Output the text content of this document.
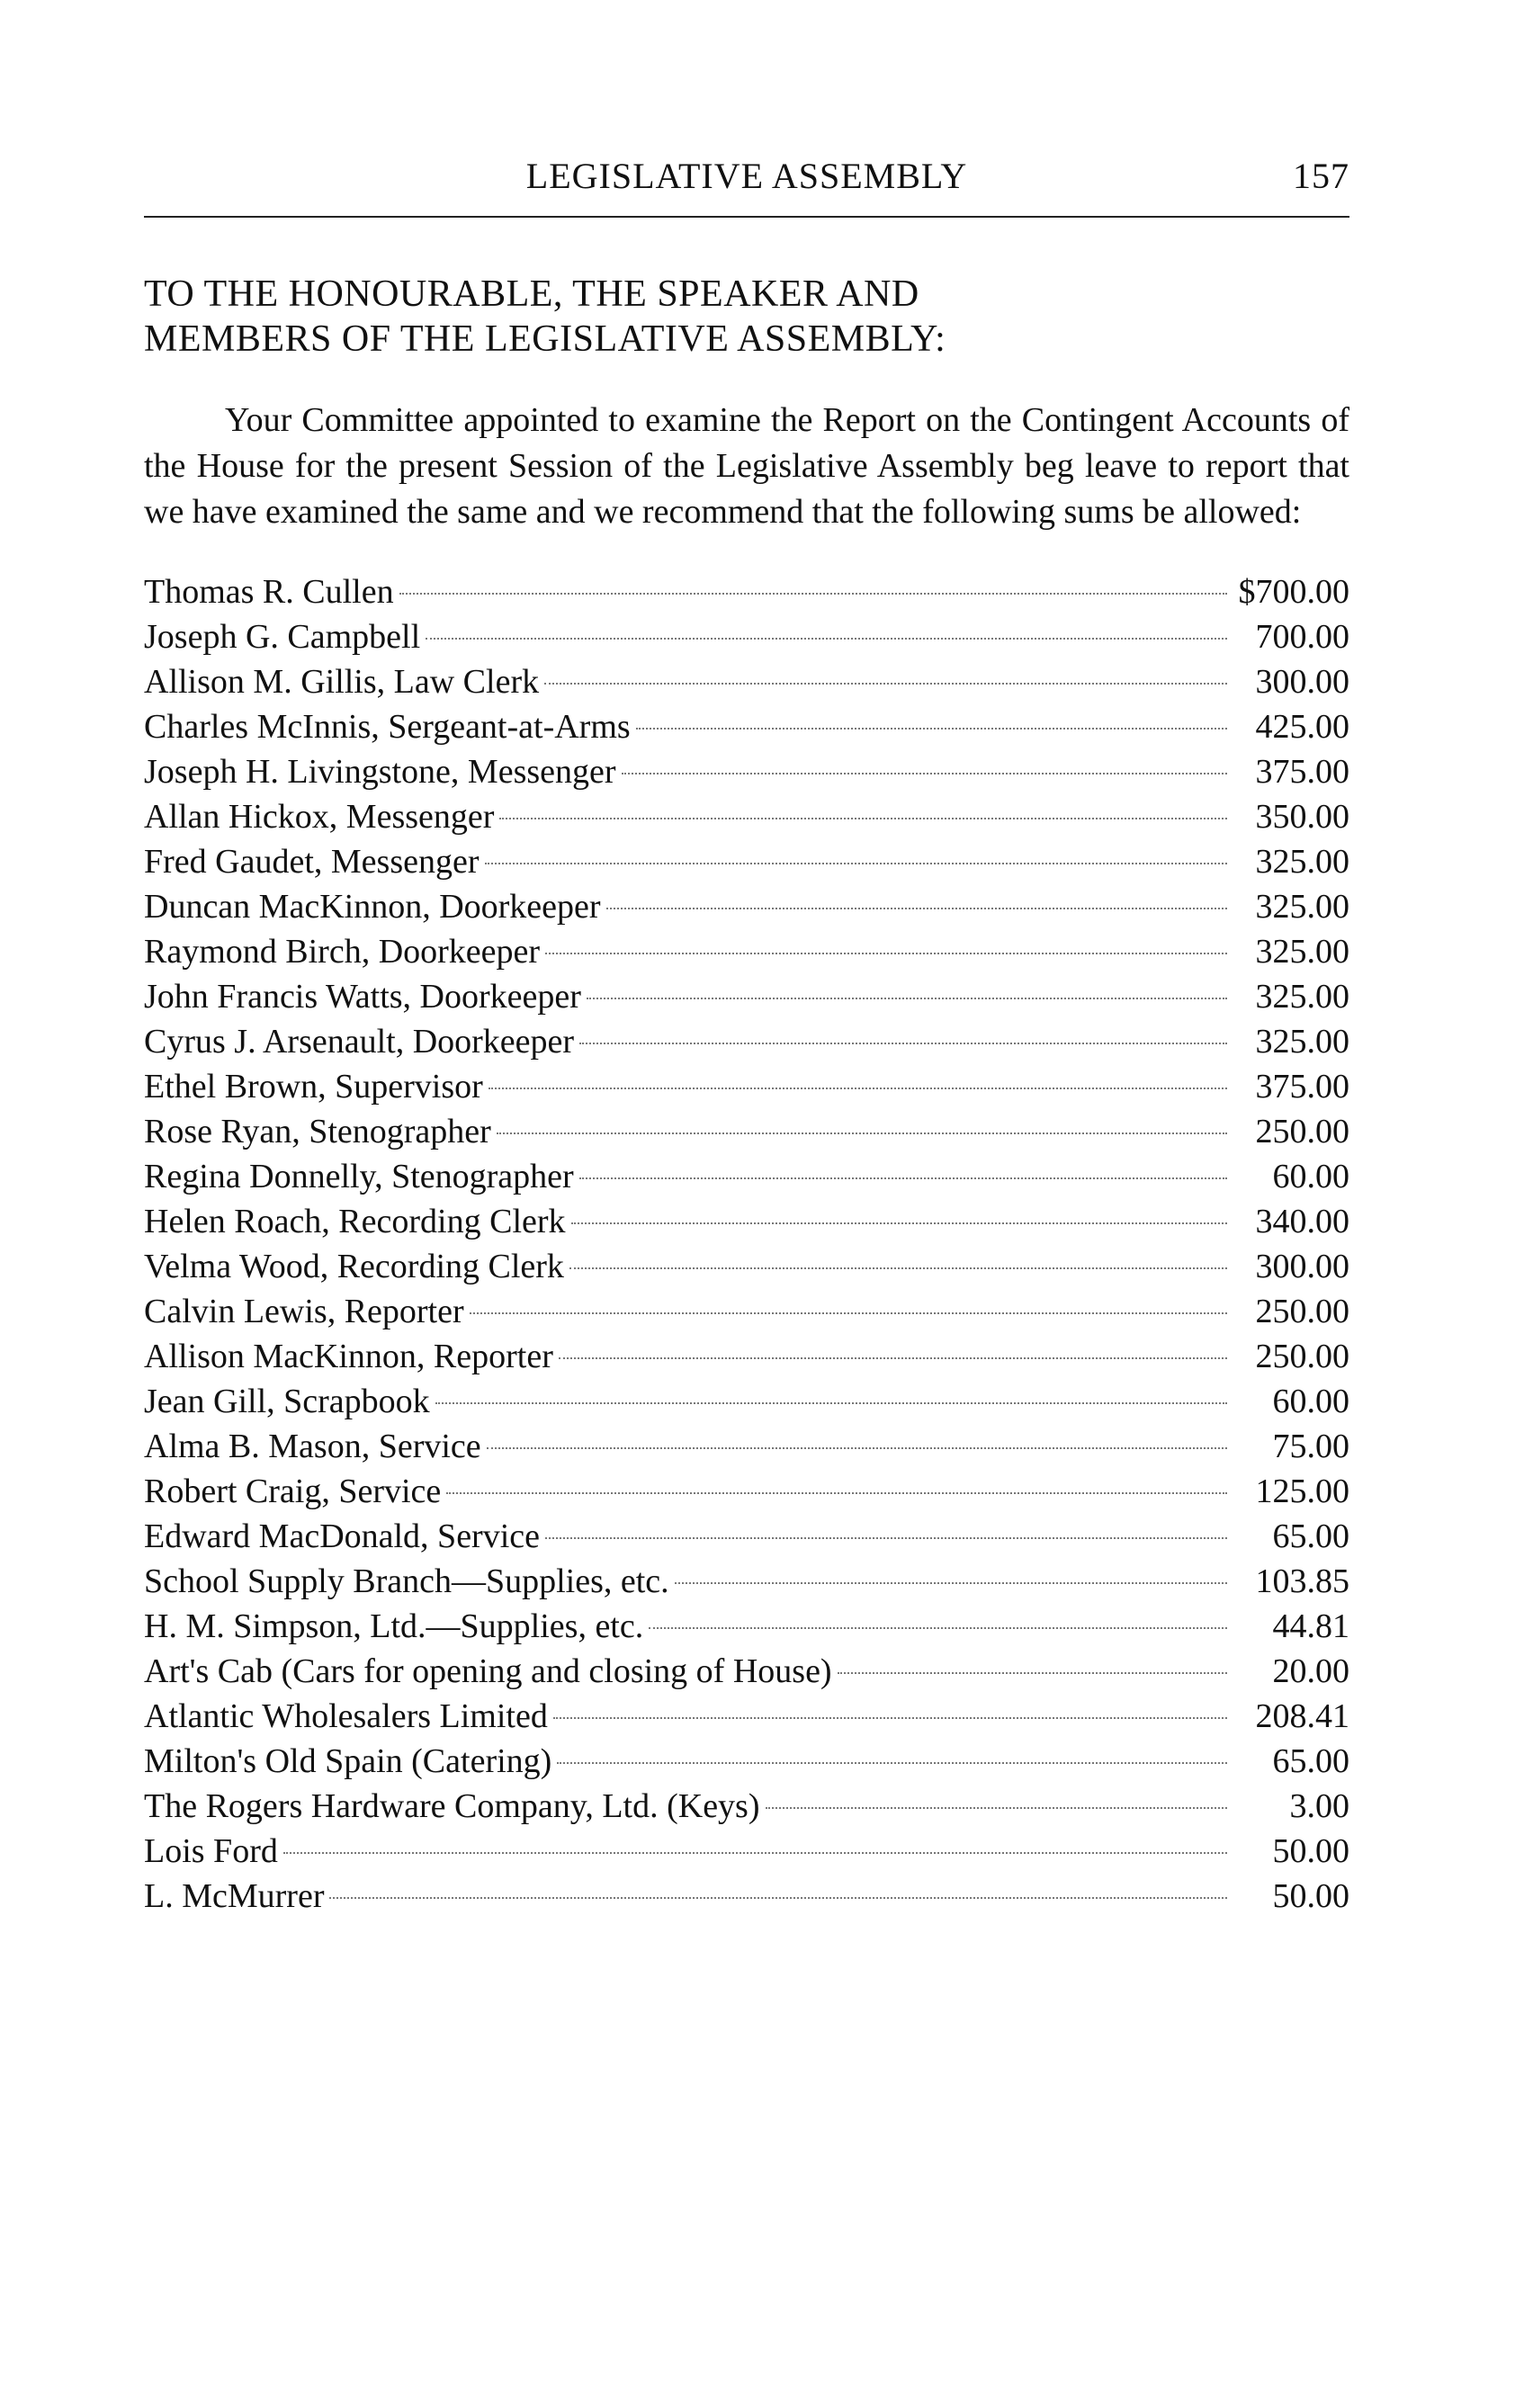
LEGISLATIVE ASSEMBLY	157
TO THE HONOURABLE, THE SPEAKER AND
MEMBERS OF THE LEGISLATIVE ASSEMBLY:

Your Committee appointed to examine the Report on the Contingent Accounts of the House for the present Session of the Legislative Assembly beg leave to report that we have examined the same and we recommend that the following sums be allowed:

Thomas R. Cullen	$700.00
Joseph G. Campbell	700.00
Allison M. Gillis, Law Clerk	300.00
Charles McInnis, Sergeant-at-Arms	425.00
Joseph H. Livingstone, Messenger	375.00
Allan Hickox, Messenger	350.00
Fred Gaudet, Messenger	325.00
Duncan MacKinnon, Doorkeeper	325.00
Raymond Birch, Doorkeeper	325.00
John Francis Watts, Doorkeeper	325.00
Cyrus J. Arsenault, Doorkeeper	325.00
Ethel Brown, Supervisor	375.00
Rose Ryan, Stenographer	250.00
Regina Donnelly, Stenographer	60.00
Helen Roach, Recording Clerk	340.00
Velma Wood, Recording Clerk	300.00
Calvin Lewis, Reporter	250.00
Allison MacKinnon, Reporter	250.00
Jean Gill, Scrapbook	60.00
Alma B. Mason, Service	75.00
Robert Craig, Service	125.00
Edward MacDonald, Service	65.00
School Supply Branch—Supplies, etc.	103.85
H. M. Simpson, Ltd.—Supplies, etc.	44.81
Art's Cab (Cars for opening and closing of House)	20.00
Atlantic Wholesalers Limited	208.41
Milton's Old Spain (Catering)	65.00
The Rogers Hardware Company, Ltd. (Keys)	3.00
Lois Ford	50.00
L. McMurrer	50.00
